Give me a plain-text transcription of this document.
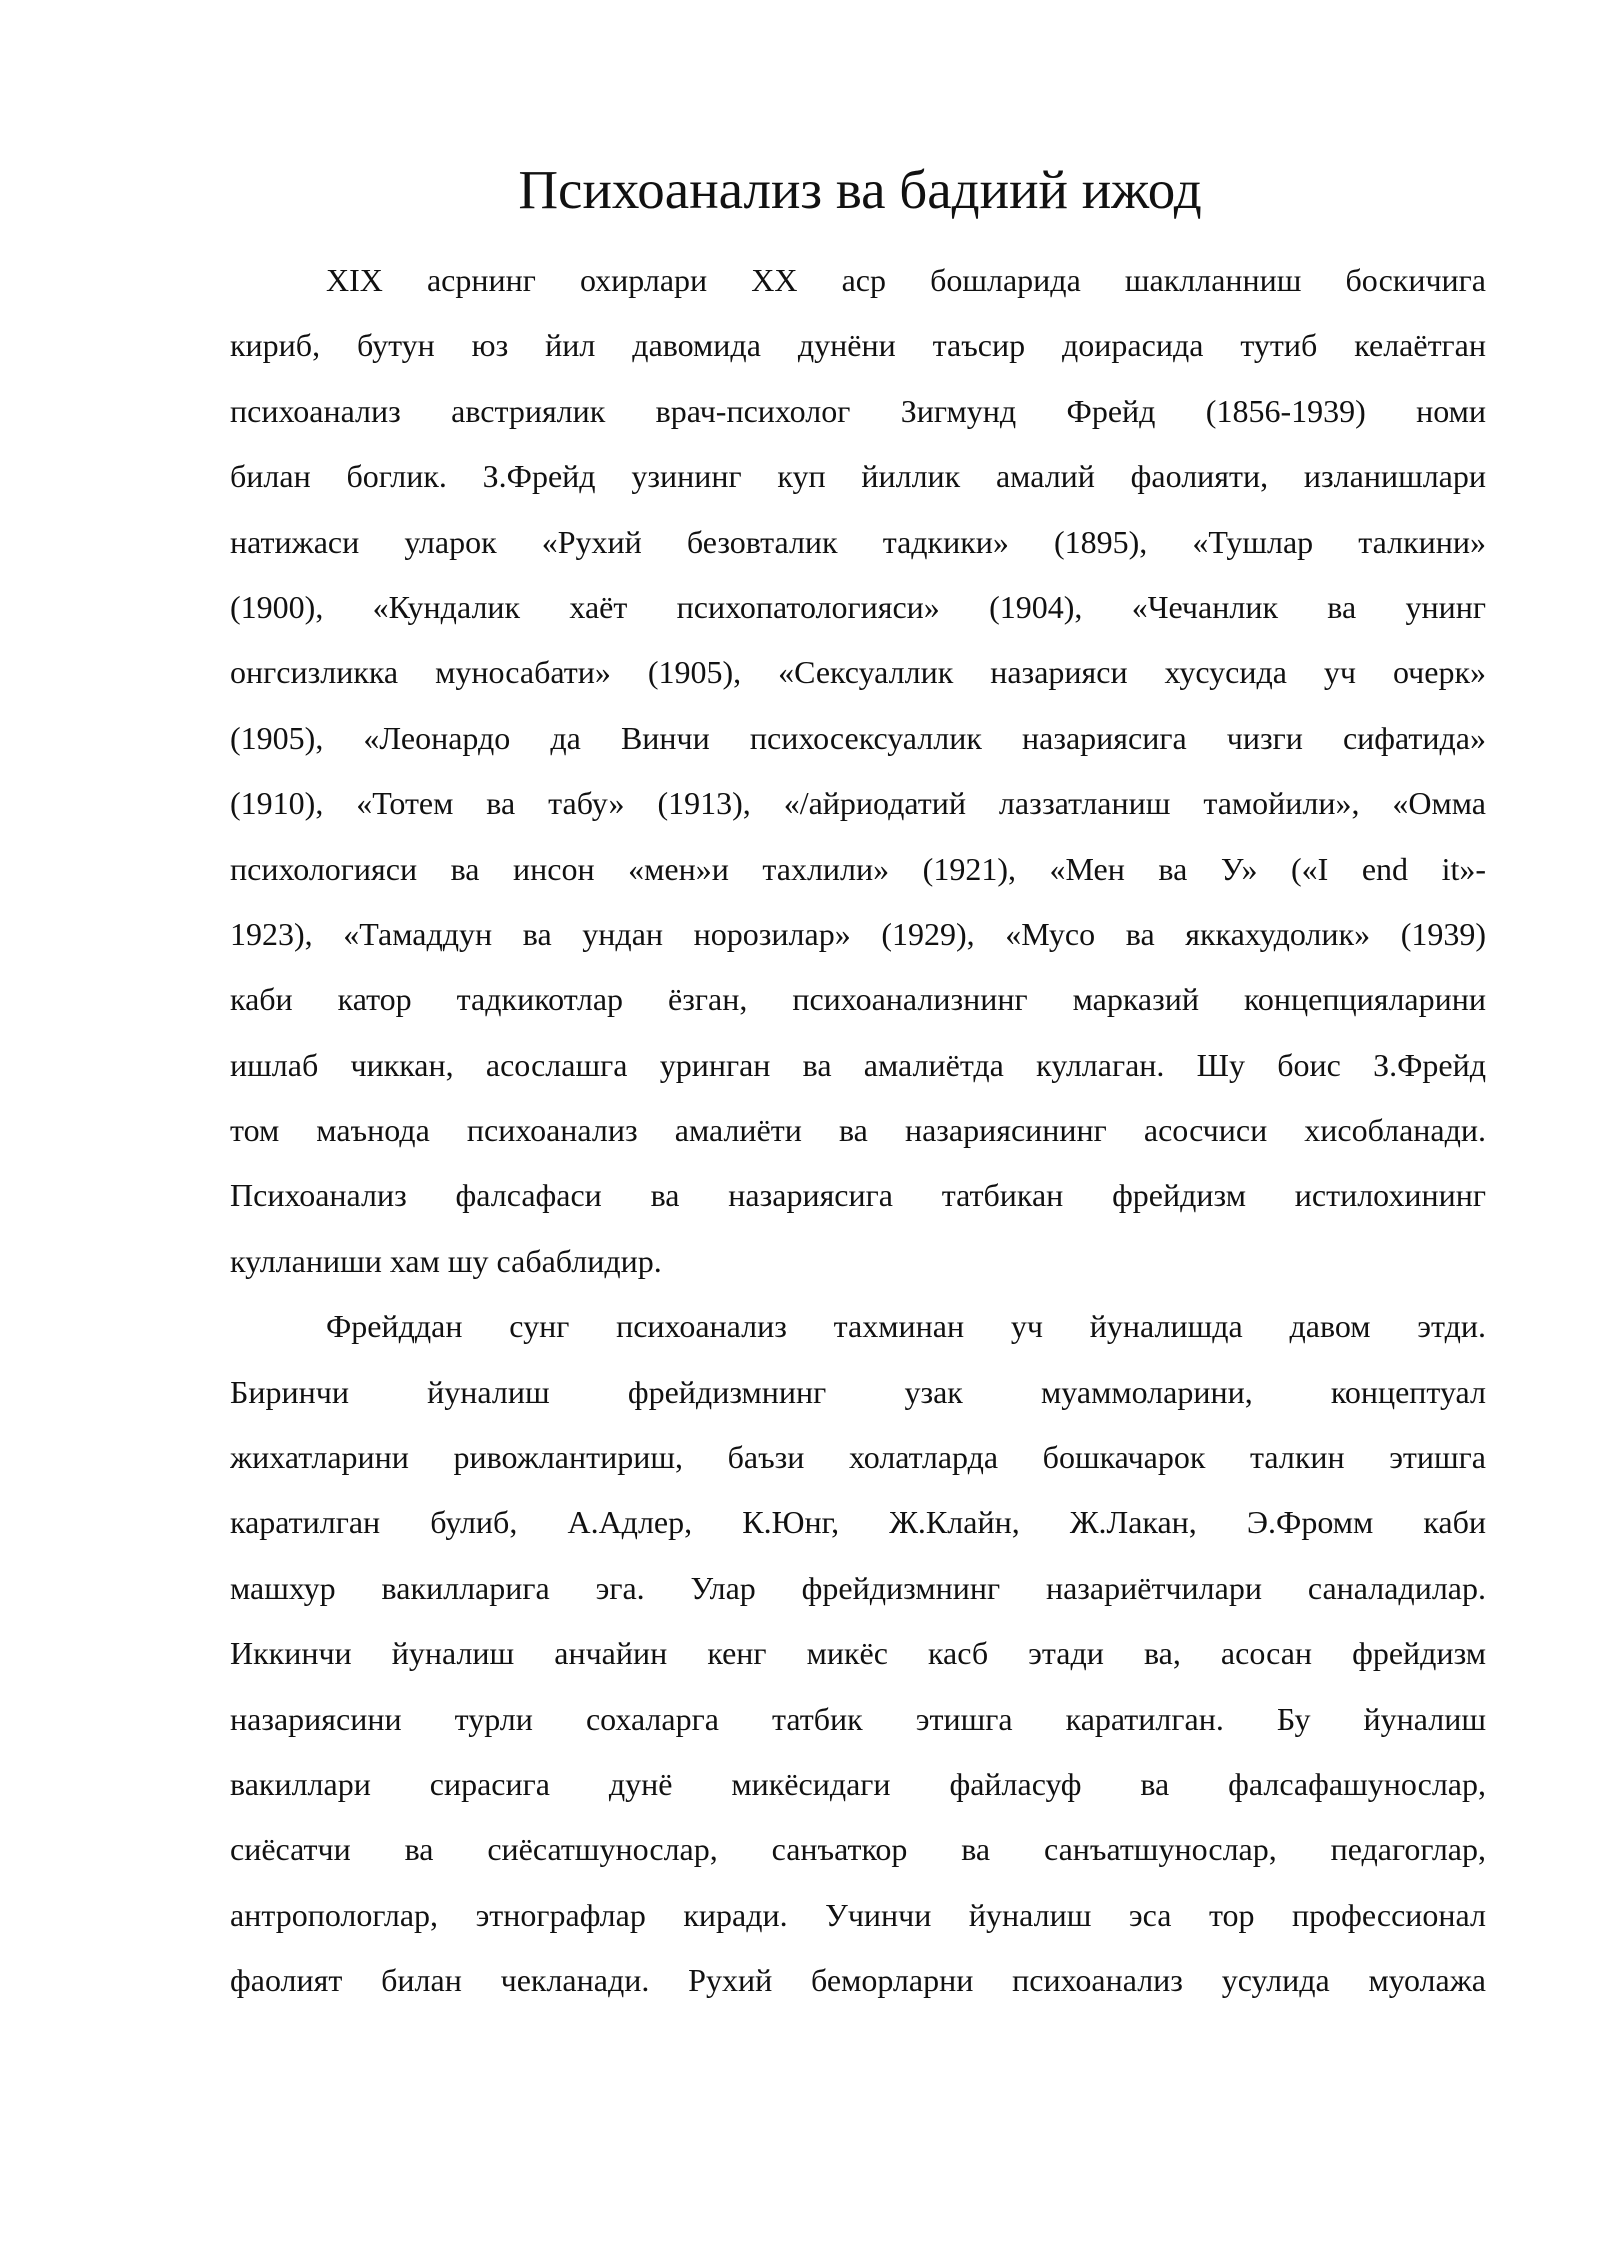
Психоанализ ва бадиий ижод
XIX асрнинг охирлари XX аср бошларида шаклланниш боскичига
кириб, бутун юз йил давомида дунёни таъсир доирасида тутиб келаётган
психоанализ австриялик врач-психолог Зигмунд Фрейд (1856-1939) номи
билан боглик. З.Фрейд узининг куп йиллик амалий фаолияти, изланишлари
натижаси уларок «Рухий безовталик тадкики» (1895), «Тушлар талкини»
(1900), «Кундалик хаёт психопатологияси» (1904), «Чечанлик ва унинг
онгсизликка муносабати» (1905), «Сексуаллик назарияси хусусида уч очерк»
(1905), «Леонардо да Винчи психосексуаллик назариясига чизги сифатида»
(1910), «Тотем ва табу» (1913), «/айриодатий лаззатланиш тамойили», «Омма
психологияси ва инсон «мен»и тахлили» (1921), «Мен ва У» («I end it»-
1923), «Тамаддун ва ундан норозилар» (1929), «Мусо ва яккахудолик» (1939)
каби катор тадкикотлар ёзган, психоанализнинг марказий концепцияларини
ишлаб чиккан, асослашга уринган ва амалиётда куллаган. Шу боис З.Фрейд
том маънода психоанализ амалиёти ва назариясининг асосчиси хисобланади.
Психоанализ фалсафаси ва назариясига татбикан фрейдизм истилохининг
кулланиши хам шу сабаблидир.
Фрейддан сунг психоанализ тахминан уч йуналишда давом этди.
Биринчи йуналиш фрейдизмнинг узак муаммоларини, концептуал
жихатларини ривожлантириш, баъзи холатларда бошкачарок талкин этишга
каратилган булиб, А.Адлер, К.Юнг, Ж.Клайн, Ж.Лакан, Э.Фромм каби
машхур вакилларига эга. Улар фрейдизмнинг назариётчилари саналадилар.
Иккинчи йуналиш анчайин кенг микёс касб этади ва, асосан фрейдизм
назариясини турли сохаларга татбик этишга каратилган. Бу йуналиш
вакиллари сирасига дунё микёсидаги файласуф ва фалсафашунослар,
сиёсатчи ва сиёсатшунослар, санъаткор ва санъатшунослар, педагоглар,
антропологлар, этнографлар киради. Учинчи йуналиш эса тор профессионал
фаолият билан чекланади. Рухий беморларни психоанализ усулида муолажа
